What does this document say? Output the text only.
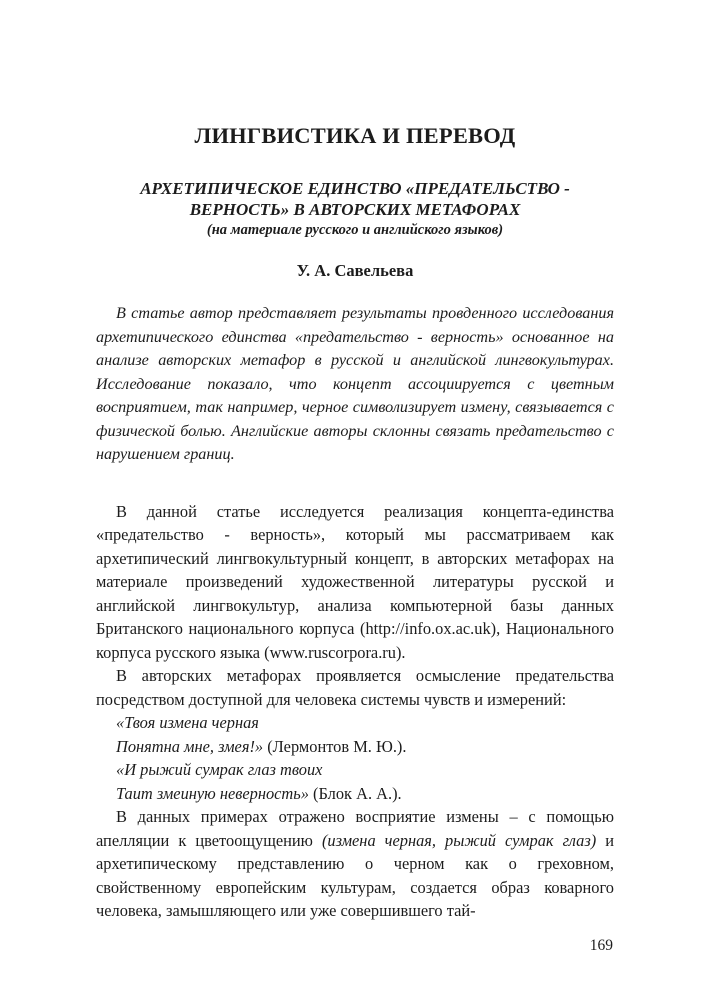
ЛИНГВИСТИКА И ПЕРЕВОД
АРХЕТИПИЧЕСКОЕ ЕДИНСТВО «ПРЕДАТЕЛЬСТВО - ВЕРНОСТЬ» В АВТОРСКИХ МЕТАФОРАХ

(на материале русского и английского языков)

У. А. Савельева

В статье автор представляет результаты провденного исследования архетипического единства «предательство - верность» основанное на анализе авторских метафор в русской и английской лингвокультурах. Исследование показало, что концепт ассоциируется с цветным восприятием, так например, черное символизирует измену, связывается с физической болью. Английские авторы склонны связать предательство с нарушением границ.

В данной статье исследуется реализация концепта-единства «предательство - верность», который мы рассматриваем как архетипический лингвокультурный концепт, в авторских метафорах на материале произведений художественной литературы русской и английской лингвокультур, анализа компьютерной базы данных Британского национального корпуса (http://info.ox.ac.uk), Национального корпуса русского языка (www.ruscorpora.ru).

В авторских метафорах проявляется осмысление предательства посредством доступной для человека системы чувств и измерений:

«Твоя измена черная

Понятна мне, змея!» (Лермонтов М. Ю.).

«И рыжий сумрак глаз твоих

Таит змеиную неверность» (Блок А. А.).

В данных примерах отражено восприятие измены – с помощью апелляции к цветоощущению (измена черная, рыжий сумрак глаз) и архетипическому представлению о черном как о греховном, свойственному европейским культурам, создается образ коварного человека, замышляющего или уже совершившего тай-

169
